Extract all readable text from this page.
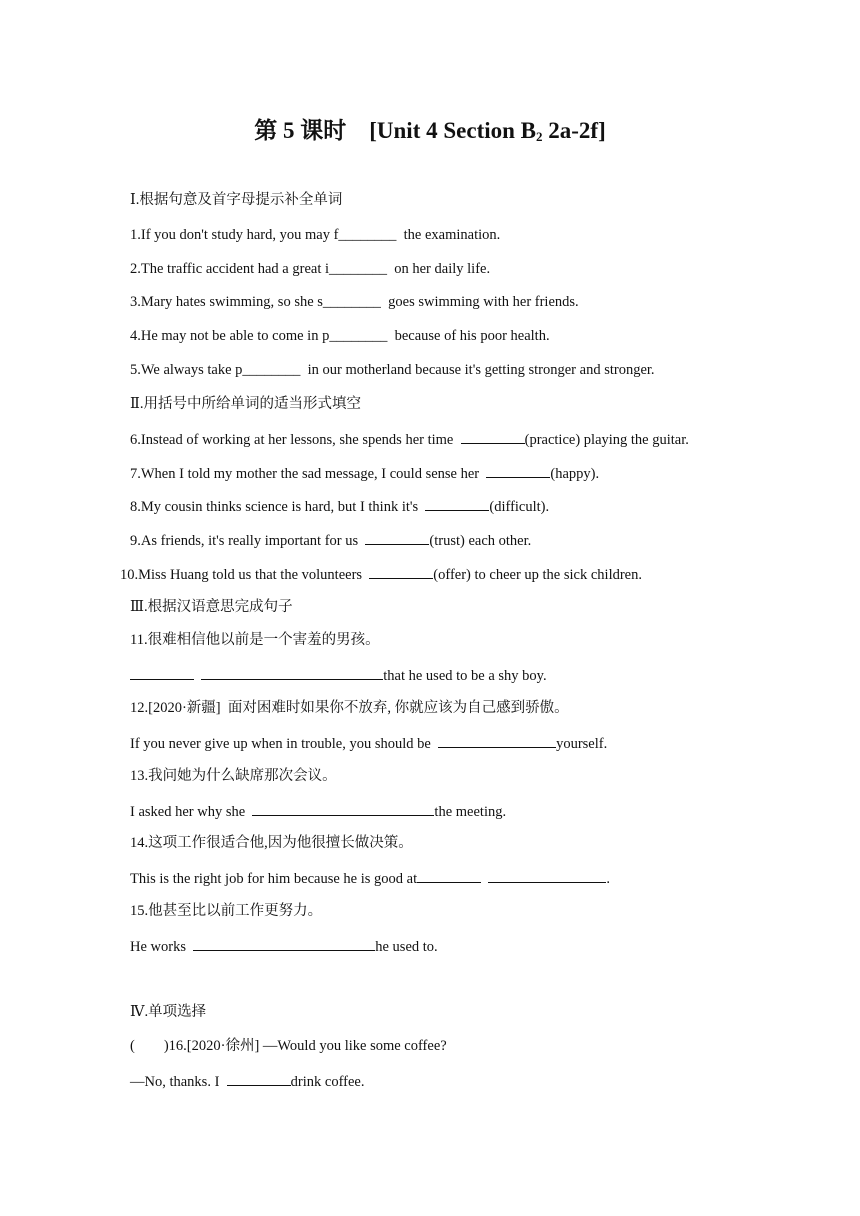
第 5 课时 [Unit 4 Section $B_2$ 2a-2f]
Ⅰ.根据句意及首字母提示补全单词
1.If you don't study hard, you may f________  the examination.
2.The traffic accident had a great i________  on her daily life.
3.Mary hates swimming, so she s________  goes swimming with her friends.
4.He may not be able to come in p________  because of his poor health.
5.We always take p________  in our motherland because it's getting stronger and stronger.
Ⅱ.用括号中所给单词的适当形式填空
6.Instead of working at her lessons, she spends her time	(practice) playing the guitar.
7.When I told my mother the sad message, I could sense her	(happy).
8.My cousin thinks science is hard, but I think it's	(difficult).
9.As friends, it's really important for us	(trust) each other.
10.Miss Huang told us that the volunteers	(offer) to cheer up the sick children.
Ⅲ.根据汉语意思完成句子
11.很难相信他以前是一个害羞的男孩。
that he used to be a shy boy.
12.[2020·新疆]  面对困难时如果你不放弃, 你就应该为自己感到骄傲。
If you never give up when in trouble, you should be	yourself.
13.我问她为什么缺席那次会议。
I asked her why she	the meeting.
14.这项工作很适合他,因为他很擅长做决策。
This is the right job for him because he is good at	.
15.他甚至比以前工作更努力。
He works	he used to.
Ⅳ.单项选择
(        )16.[2020·徐州] —Would you like some coffee?
—No, thanks. I	drink coffee.
